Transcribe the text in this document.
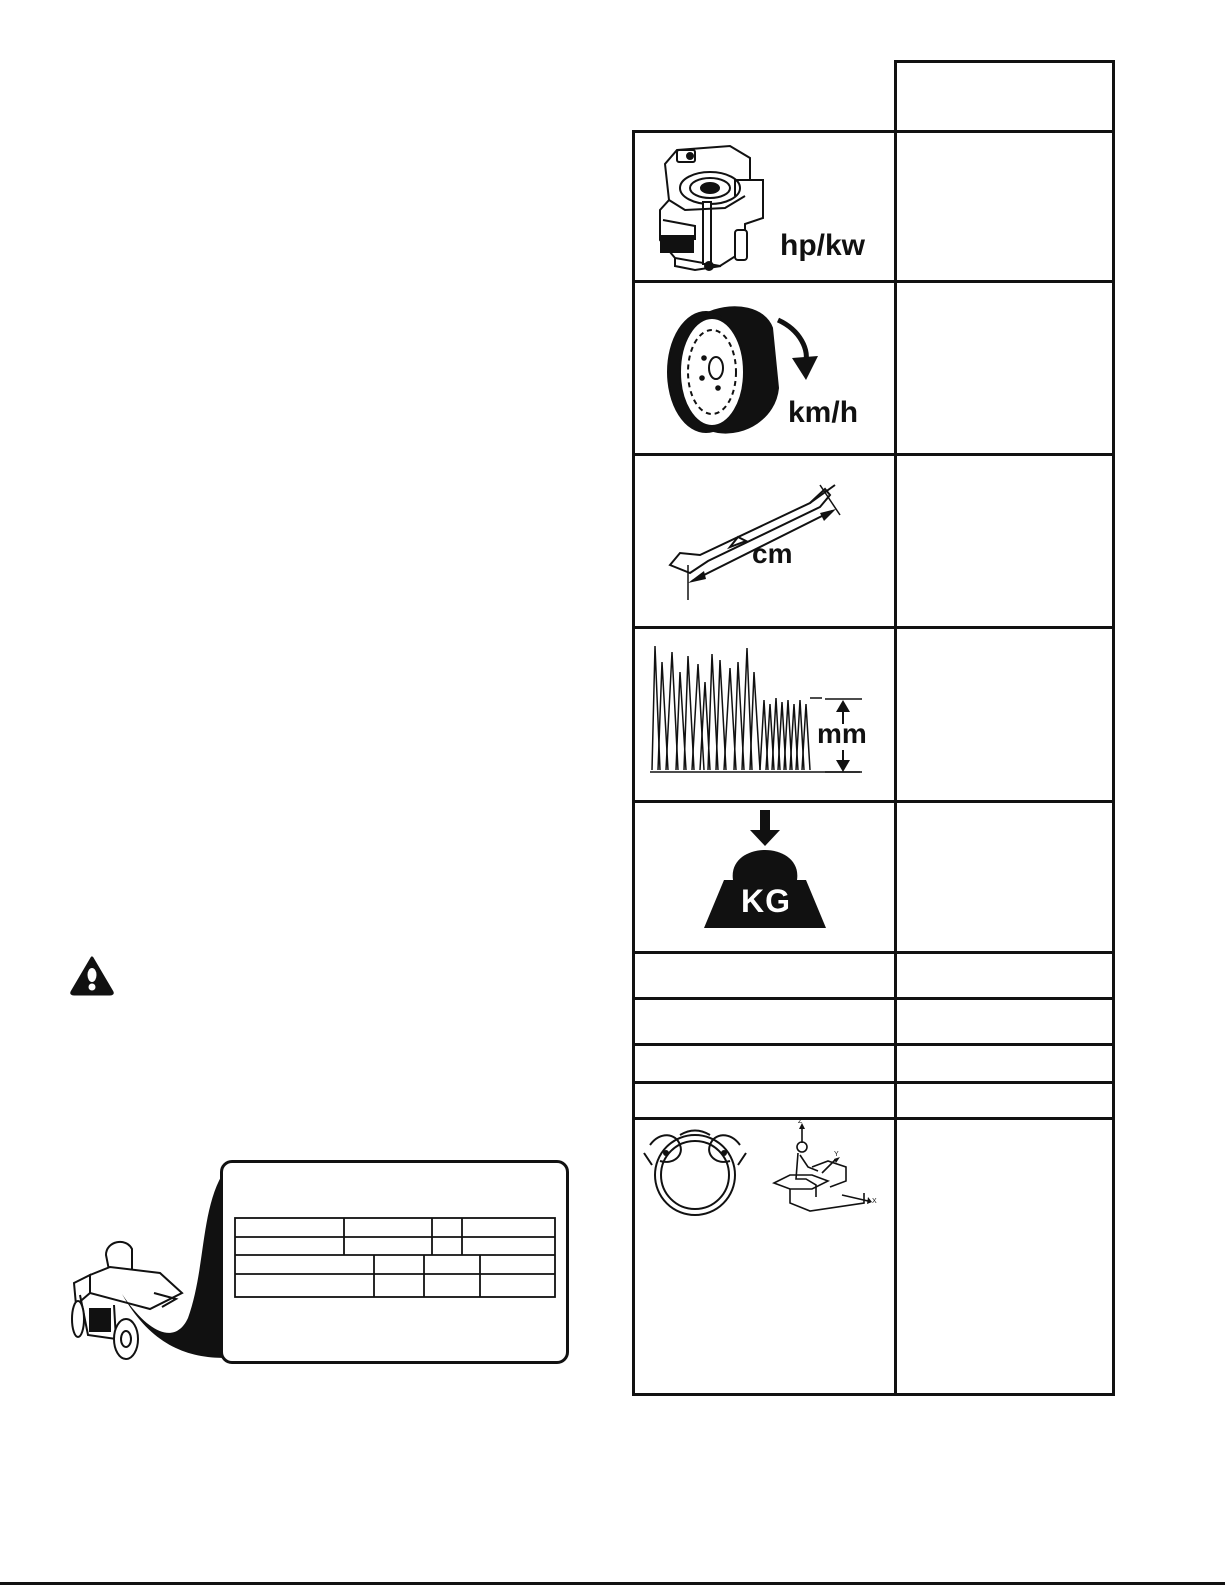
hp/kw
km/h
cm
mm
KG
Z
Y
X
